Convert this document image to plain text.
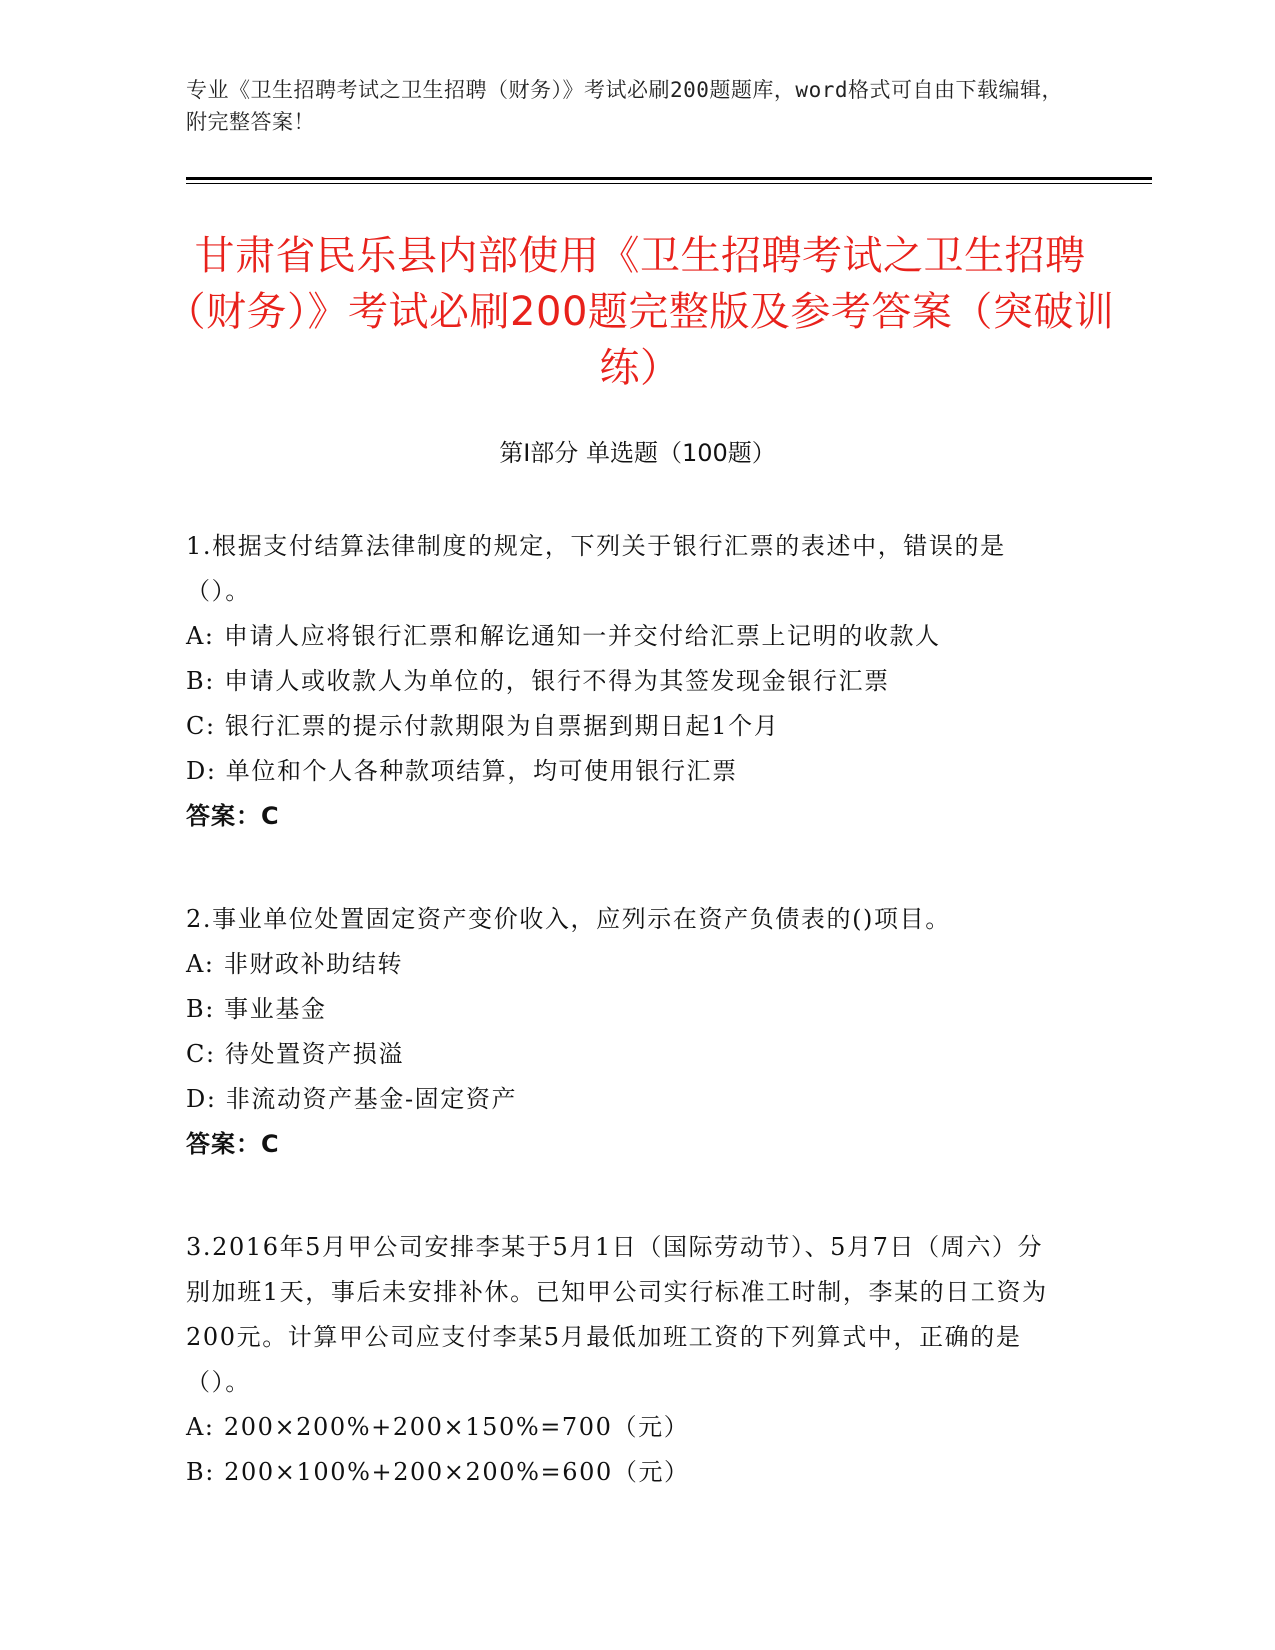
专业《卫生招聘考试之卫生招聘（财务）》考试必刷200题题库，word格式可自由下载编辑，附完整答案！
甘肃省民乐县内部使用《卫生招聘考试之卫生招聘（财务）》考试必刷200题完整版及参考答案（突破训练）
第Ⅰ部分 单选题（100题）
1.根据支付结算法律制度的规定，下列关于银行汇票的表述中，错误的是（）。
A: 申请人应将银行汇票和解讫通知一并交付给汇票上记明的收款人
B: 申请人或收款人为单位的，银行不得为其签发现金银行汇票
C: 银行汇票的提示付款期限为自票据到期日起1个月
D: 单位和个人各种款项结算，均可使用银行汇票
答案：C
2.事业单位处置固定资产变价收入，应列示在资产负债表的()项目。
A: 非财政补助结转
B: 事业基金
C: 待处置资产损溢
D: 非流动资产基金-固定资产
答案：C
3.2016年5月甲公司安排李某于5月1日（国际劳动节）、5月7日（周六）分别加班1天，事后未安排补休。已知甲公司实行标准工时制，李某的日工资为200元。计算甲公司应支付李某5月最低加班工资的下列算式中，正确的是（）。
A: 200×200%+200×150%=700（元）
B: 200×100%+200×200%=600（元）
